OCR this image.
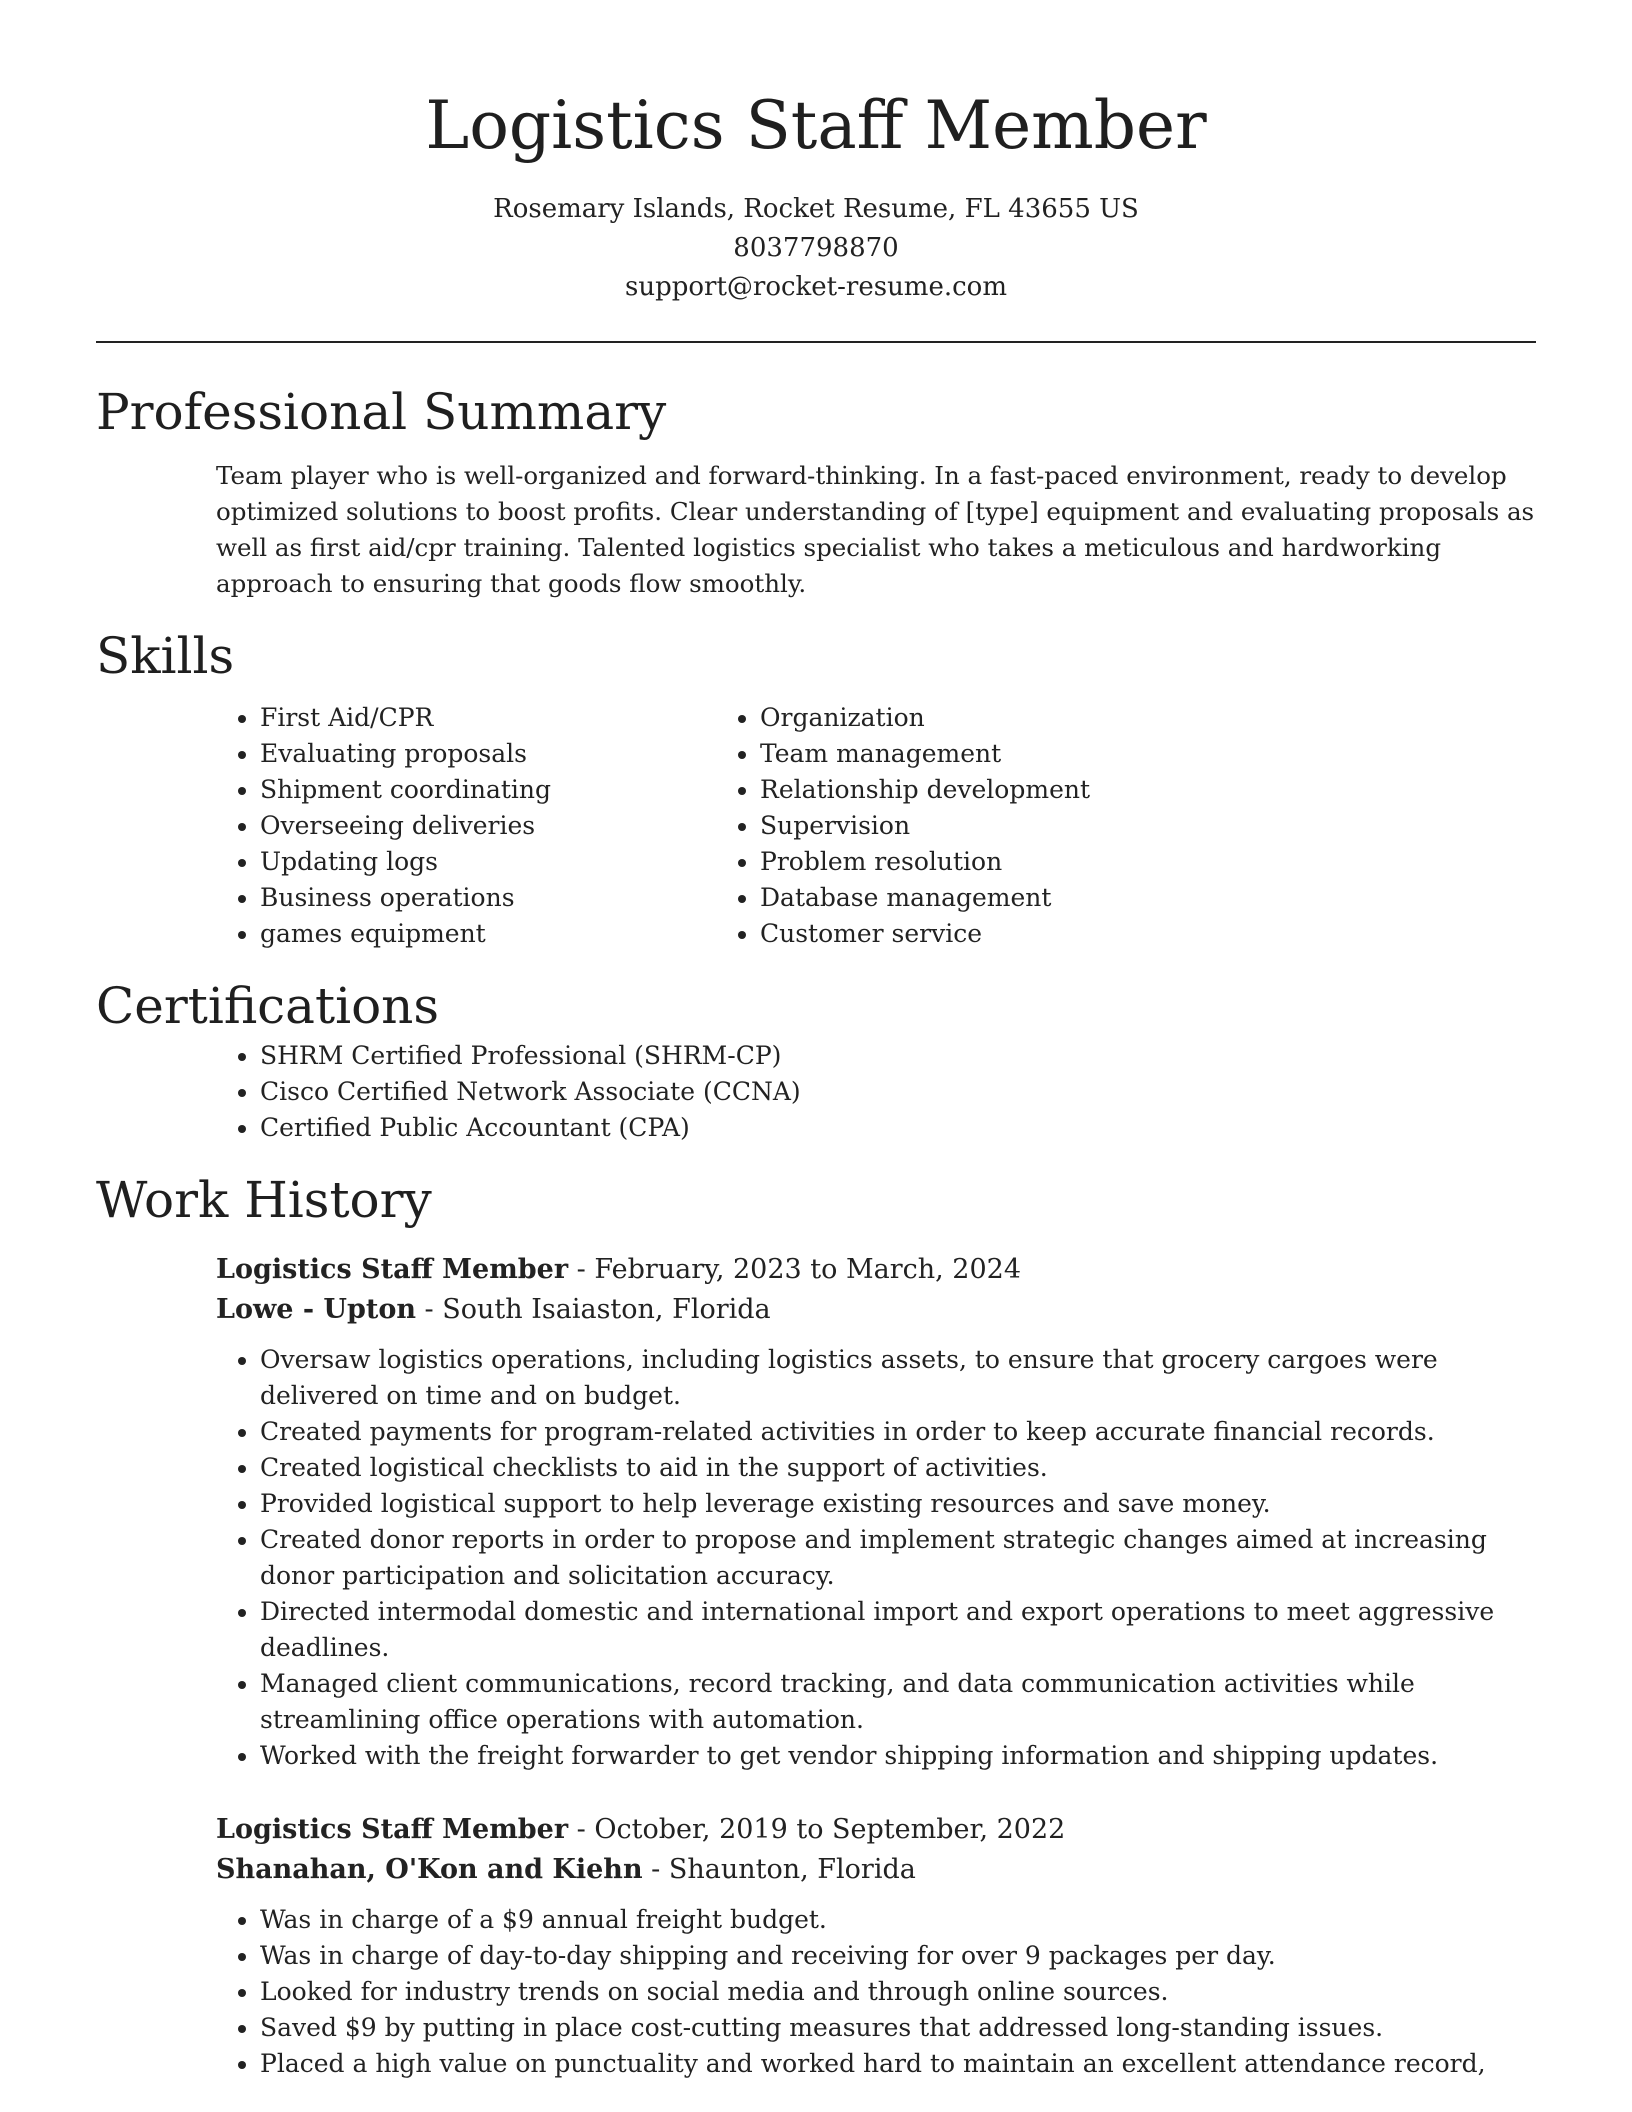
Logistics Staff Member
Rosemary Islands, Rocket Resume, FL 43655 US
8037798870
support@rocket-resume.com
Professional Summary

Team player who is well-organized and forward-thinking. In a fast-paced environment, ready to develop optimized solutions to boost profits. Clear understanding of [type] equipment and evaluating proposals as well as first aid/cpr training. Talented logistics specialist who takes a meticulous and hardworking approach to ensuring that goods flow smoothly.

Skills
• First Aid/CPR
• Evaluating proposals
• Shipment coordinating
• Overseeing deliveries
• Updating logs
• Business operations
• games equipment
• Organization
• Team management
• Relationship development
• Supervision
• Problem resolution
• Database management
• Customer service
Certifications
• SHRM Certified Professional (SHRM-CP)
• Cisco Certified Network Associate (CCNA)
• Certified Public Accountant (CPA)
Work History
Logistics Staff Member - February, 2023 to March, 2024
Lowe - Upton - South Isaiaston, Florida
• Oversaw logistics operations, including logistics assets, to ensure that grocery cargoes were delivered on time and on budget.
• Created payments for program-related activities in order to keep accurate financial records.
• Created logistical checklists to aid in the support of activities.
• Provided logistical support to help leverage existing resources and save money.
• Created donor reports in order to propose and implement strategic changes aimed at increasing donor participation and solicitation accuracy.
• Directed intermodal domestic and international import and export operations to meet aggressive deadlines.
• Managed client communications, record tracking, and data communication activities while streamlining office operations with automation.
• Worked with the freight forwarder to get vendor shipping information and shipping updates.
Logistics Staff Member - October, 2019 to September, 2022
Shanahan, O'Kon and Kiehn - Shaunton, Florida
• Was in charge of a $9 annual freight budget.
• Was in charge of day-to-day shipping and receiving for over 9 packages per day.
• Looked for industry trends on social media and through online sources.
• Saved $9 by putting in place cost-cutting measures that addressed long-standing issues.
• Placed a high value on punctuality and worked hard to maintain an excellent attendance record,
